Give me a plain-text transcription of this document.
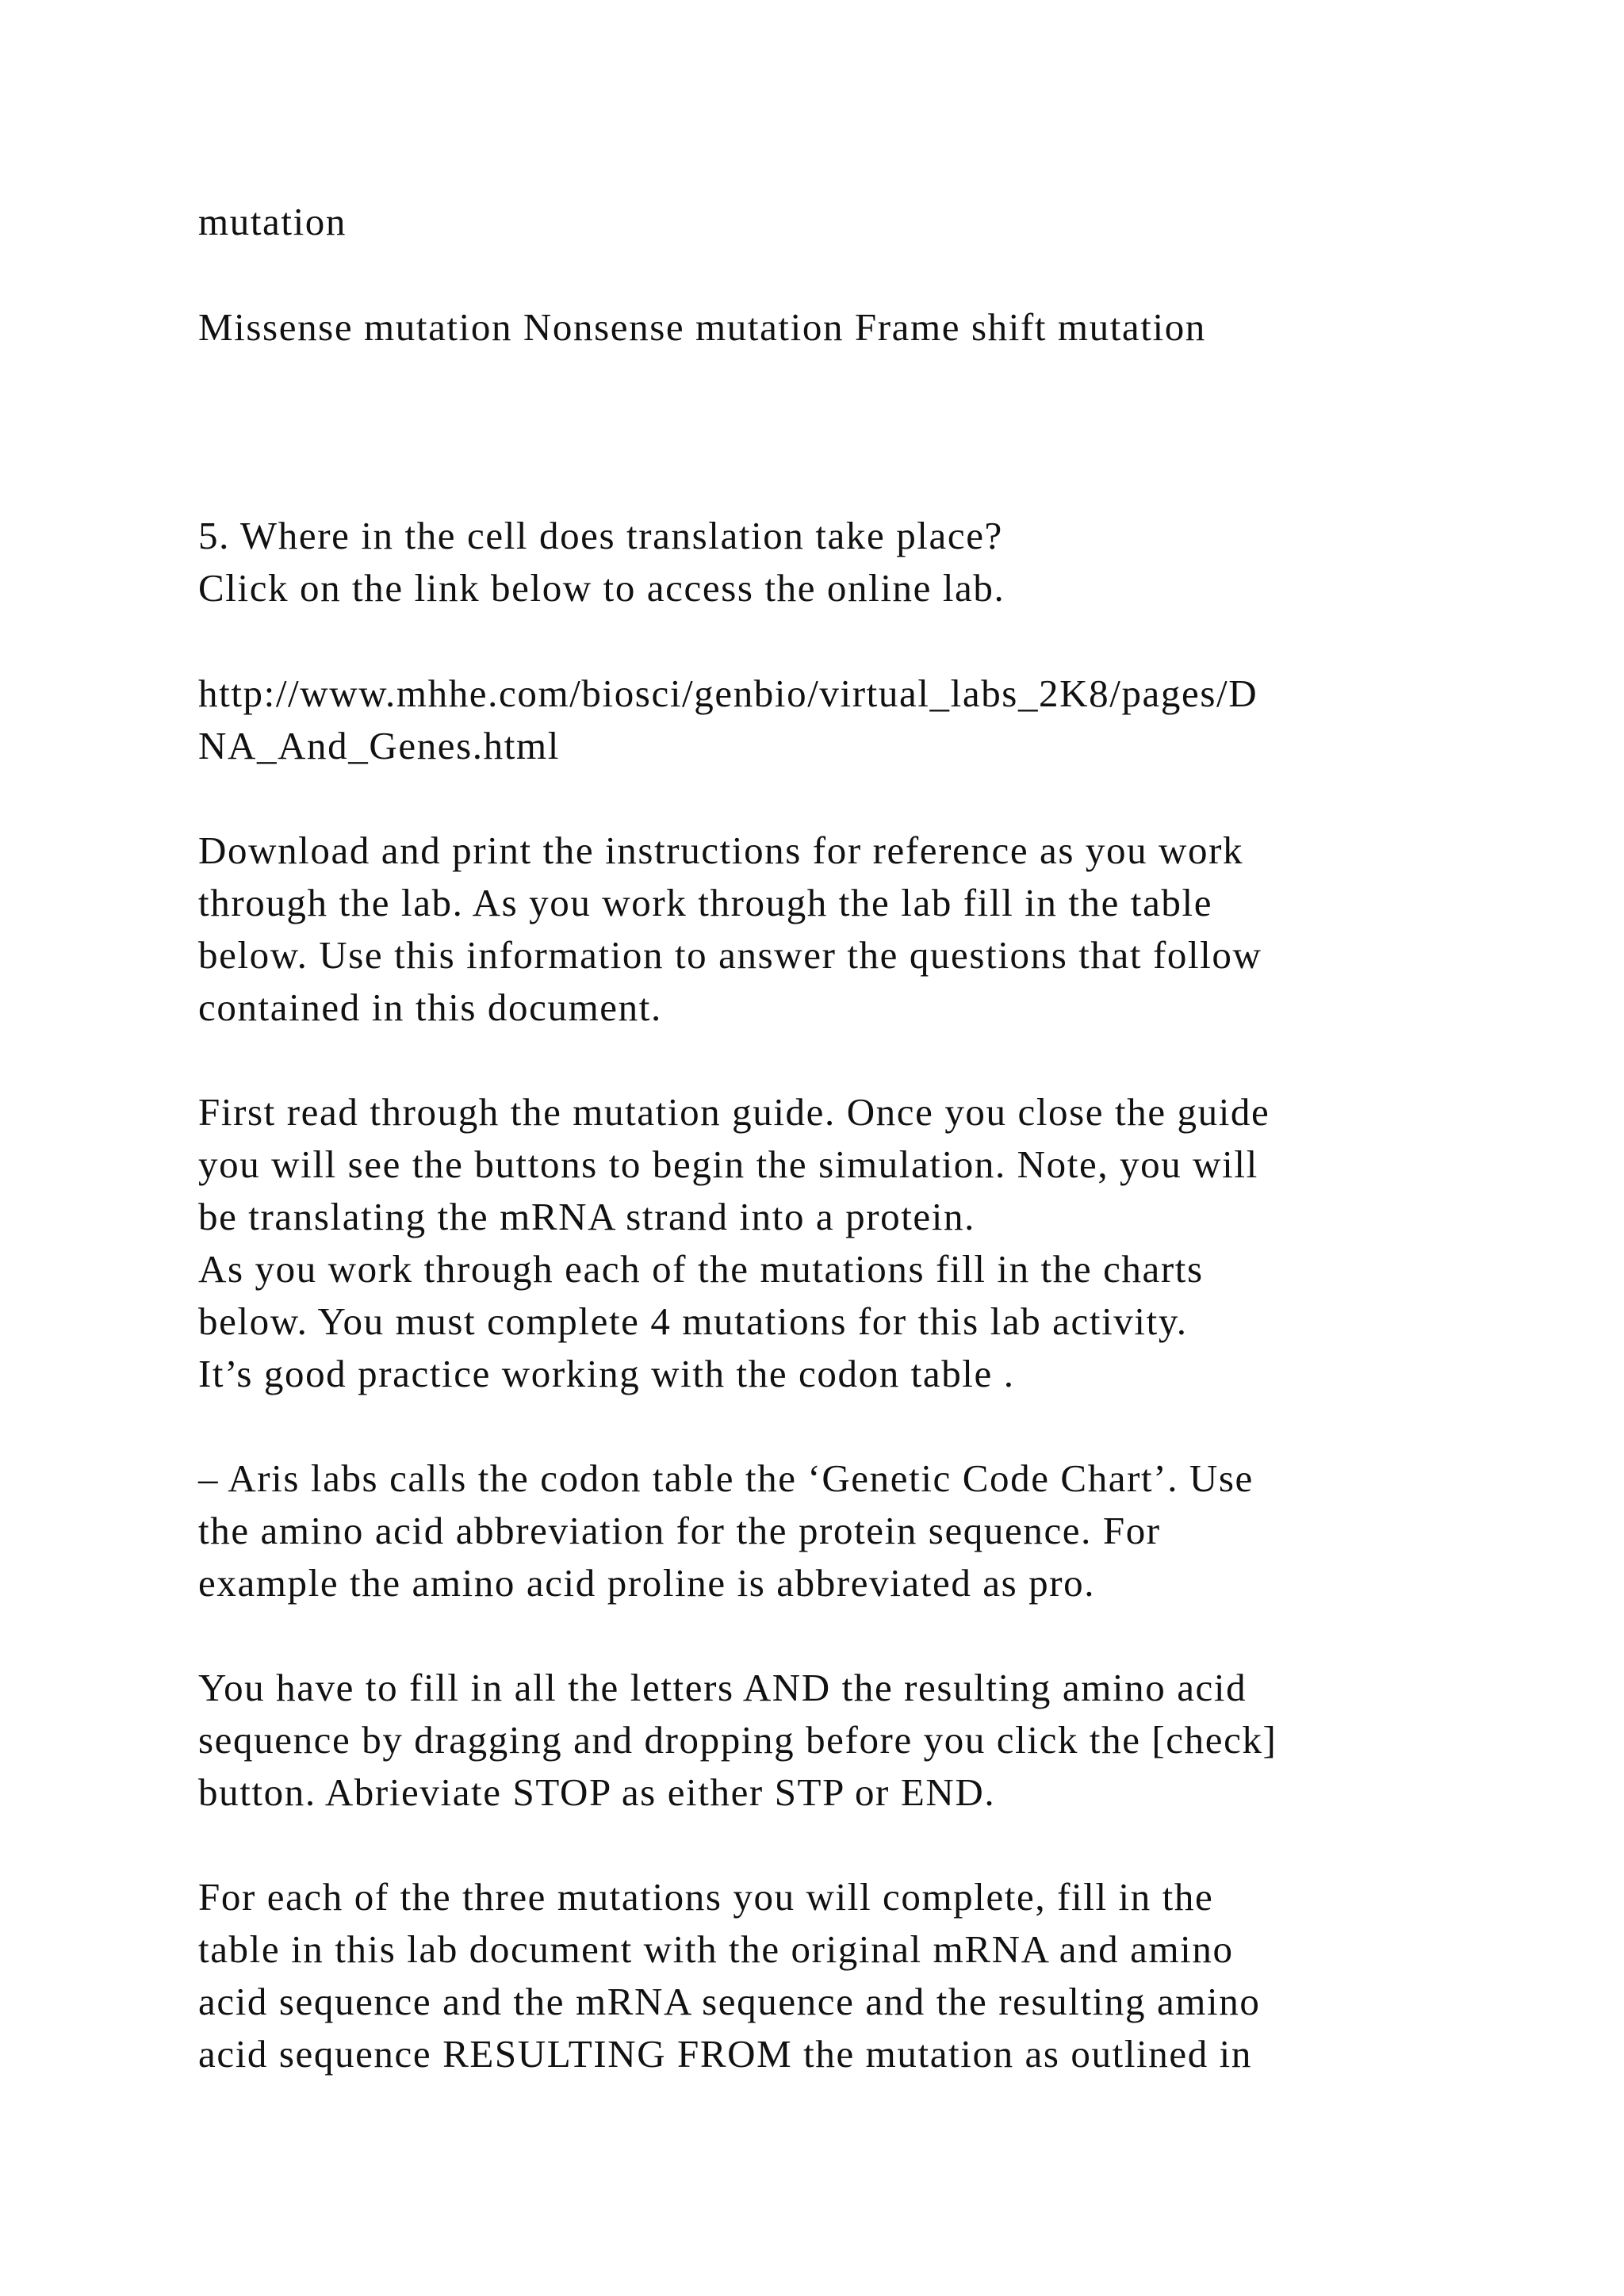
mutation
Missense mutation Nonsense mutation Frame shift mutation
5. Where in the cell does translation take place?
Click on the link below to access the online lab.
http://www.mhhe.com/biosci/genbio/virtual_labs_2K8/pages/D
NA_And_Genes.html
Download and print the instructions for reference as you work
through the lab. As you work through the lab fill in the table
below. Use this information to answer the questions that follow
contained in this document.
First read through the mutation guide. Once you close the guide
you will see the buttons to begin the simulation. Note, you will
be translating the mRNA strand into a protein.
As you work through each of the mutations fill in the charts
below. You must complete 4 mutations for this lab activity.
It’s good practice working with the codon table .
– Aris labs calls the codon table the ‘Genetic Code Chart’. Use
the amino acid abbreviation for the protein sequence. For
example the amino acid proline is abbreviated as pro.
You have to fill in all the letters AND the resulting amino acid
sequence by dragging and dropping before you click the [check]
button. Abrieviate STOP as either STP or END.
For each of the three mutations you will complete, fill in the
table in this lab document with the original mRNA and amino
acid sequence and the mRNA sequence and the resulting amino
acid sequence RESULTING FROM the mutation as outlined in
